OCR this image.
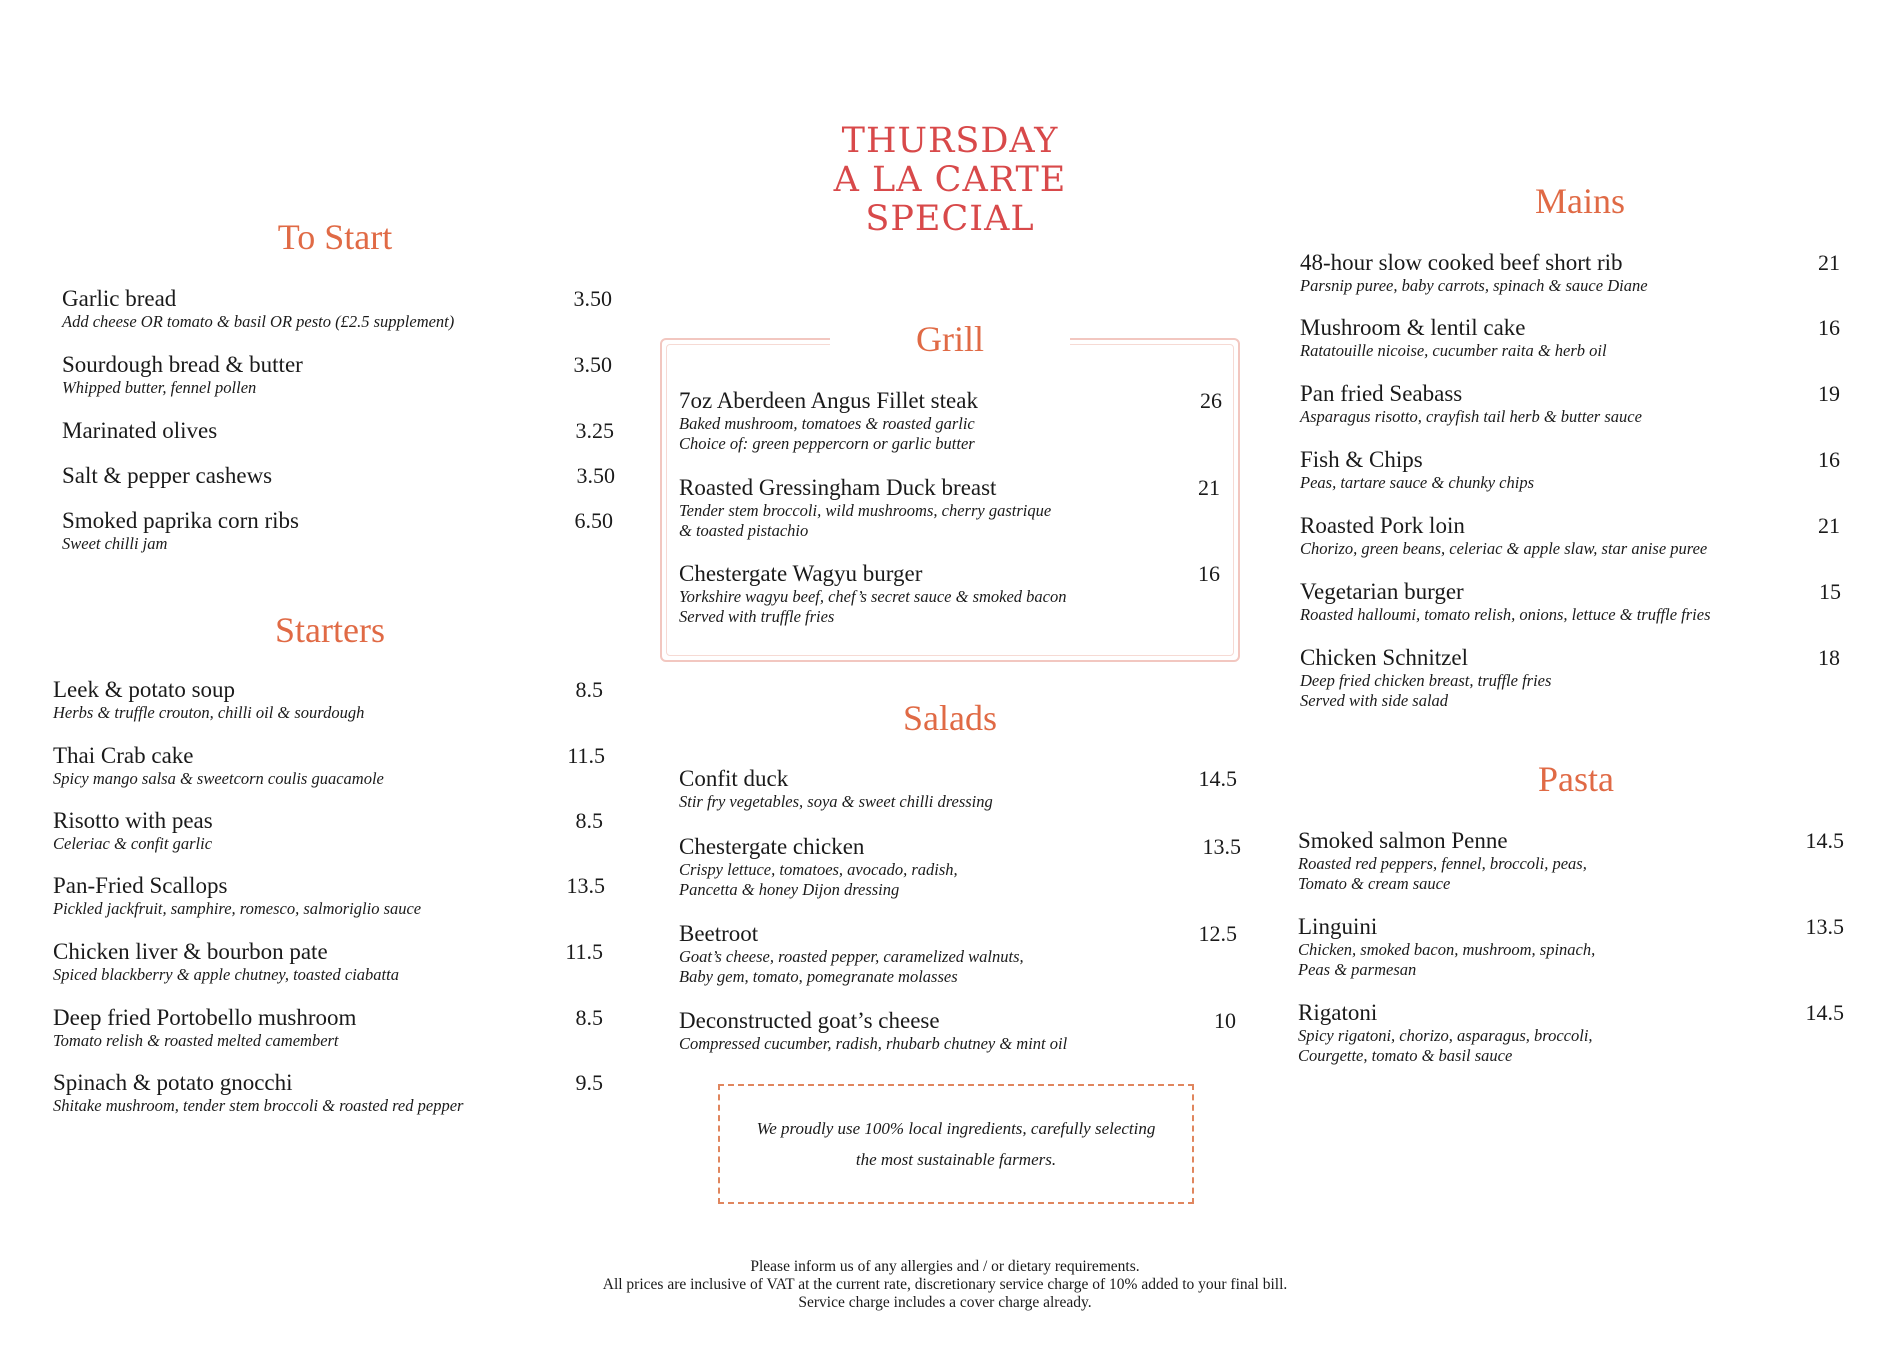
THURSDAY
A LA CARTE
SPECIAL
To Start
Garlic bread	3.50
Add cheese OR tomato & basil OR pesto (£2.5 supplement)
Sourdough bread & butter	3.50
Whipped butter, fennel pollen
Marinated olives	3.25
Salt & pepper cashews	3.50
Smoked paprika corn ribs	6.50
Sweet chilli jam
Starters
Leek & potato soup	8.5
Herbs & truffle crouton, chilli oil & sourdough
Thai Crab cake	11.5
Spicy mango salsa & sweetcorn coulis guacamole
Risotto with peas	8.5
Celeriac & confit garlic
Pan-Fried Scallops	13.5
Pickled jackfruit, samphire, romesco, salmoriglio sauce
Chicken liver & bourbon pate	11.5
Spiced blackberry & apple chutney, toasted ciabatta
Deep fried Portobello mushroom	8.5
Tomato relish & roasted melted camembert
Spinach & potato gnocchi	9.5
Shitake mushroom, tender stem broccoli & roasted red pepper
Grill
7oz Aberdeen Angus Fillet steak	26
Baked mushroom, tomatoes & roasted garlic
Choice of: green peppercorn or garlic butter
Roasted Gressingham Duck breast	21
Tender stem broccoli, wild mushrooms, cherry gastrique
& toasted pistachio
Chestergate Wagyu burger	16
Yorkshire wagyu beef, chef’s secret sauce & smoked bacon
Served with truffle fries
Salads
Confit duck	14.5
Stir fry vegetables, soya & sweet chilli dressing
Chestergate chicken	13.5
Crispy lettuce, tomatoes, avocado, radish,
Pancetta & honey Dijon dressing
Beetroot	12.5
Goat’s cheese, roasted pepper, caramelized walnuts,
Baby gem, tomato, pomegranate molasses
Deconstructed goat’s cheese	10
Compressed cucumber, radish, rhubarb chutney & mint oil
We proudly use 100% local ingredients, carefully selecting the most sustainable farmers.
Mains
48-hour slow cooked beef short rib	21
Parsnip puree, baby carrots, spinach & sauce Diane
Mushroom & lentil cake	16
Ratatouille nicoise, cucumber raita & herb oil
Pan fried Seabass	19
Asparagus risotto, crayfish tail herb & butter sauce
Fish & Chips	16
Peas, tartare sauce & chunky chips
Roasted Pork loin	21
Chorizo, green beans, celeriac & apple slaw, star anise puree
Vegetarian burger	15
Roasted halloumi, tomato relish, onions, lettuce & truffle fries
Chicken Schnitzel	18
Deep fried chicken breast, truffle fries
Served with side salad
Pasta
Smoked salmon Penne	14.5
Roasted red peppers, fennel, broccoli, peas,
Tomato & cream sauce
Linguini	13.5
Chicken, smoked bacon, mushroom, spinach,
Peas & parmesan
Rigatoni	14.5
Spicy rigatoni, chorizo, asparagus, broccoli,
Courgette, tomato & basil sauce
Please inform us of any allergies and / or dietary requirements.
All prices are inclusive of VAT at the current rate, discretionary service charge of 10% added to your final bill.
Service charge includes a cover charge already.
